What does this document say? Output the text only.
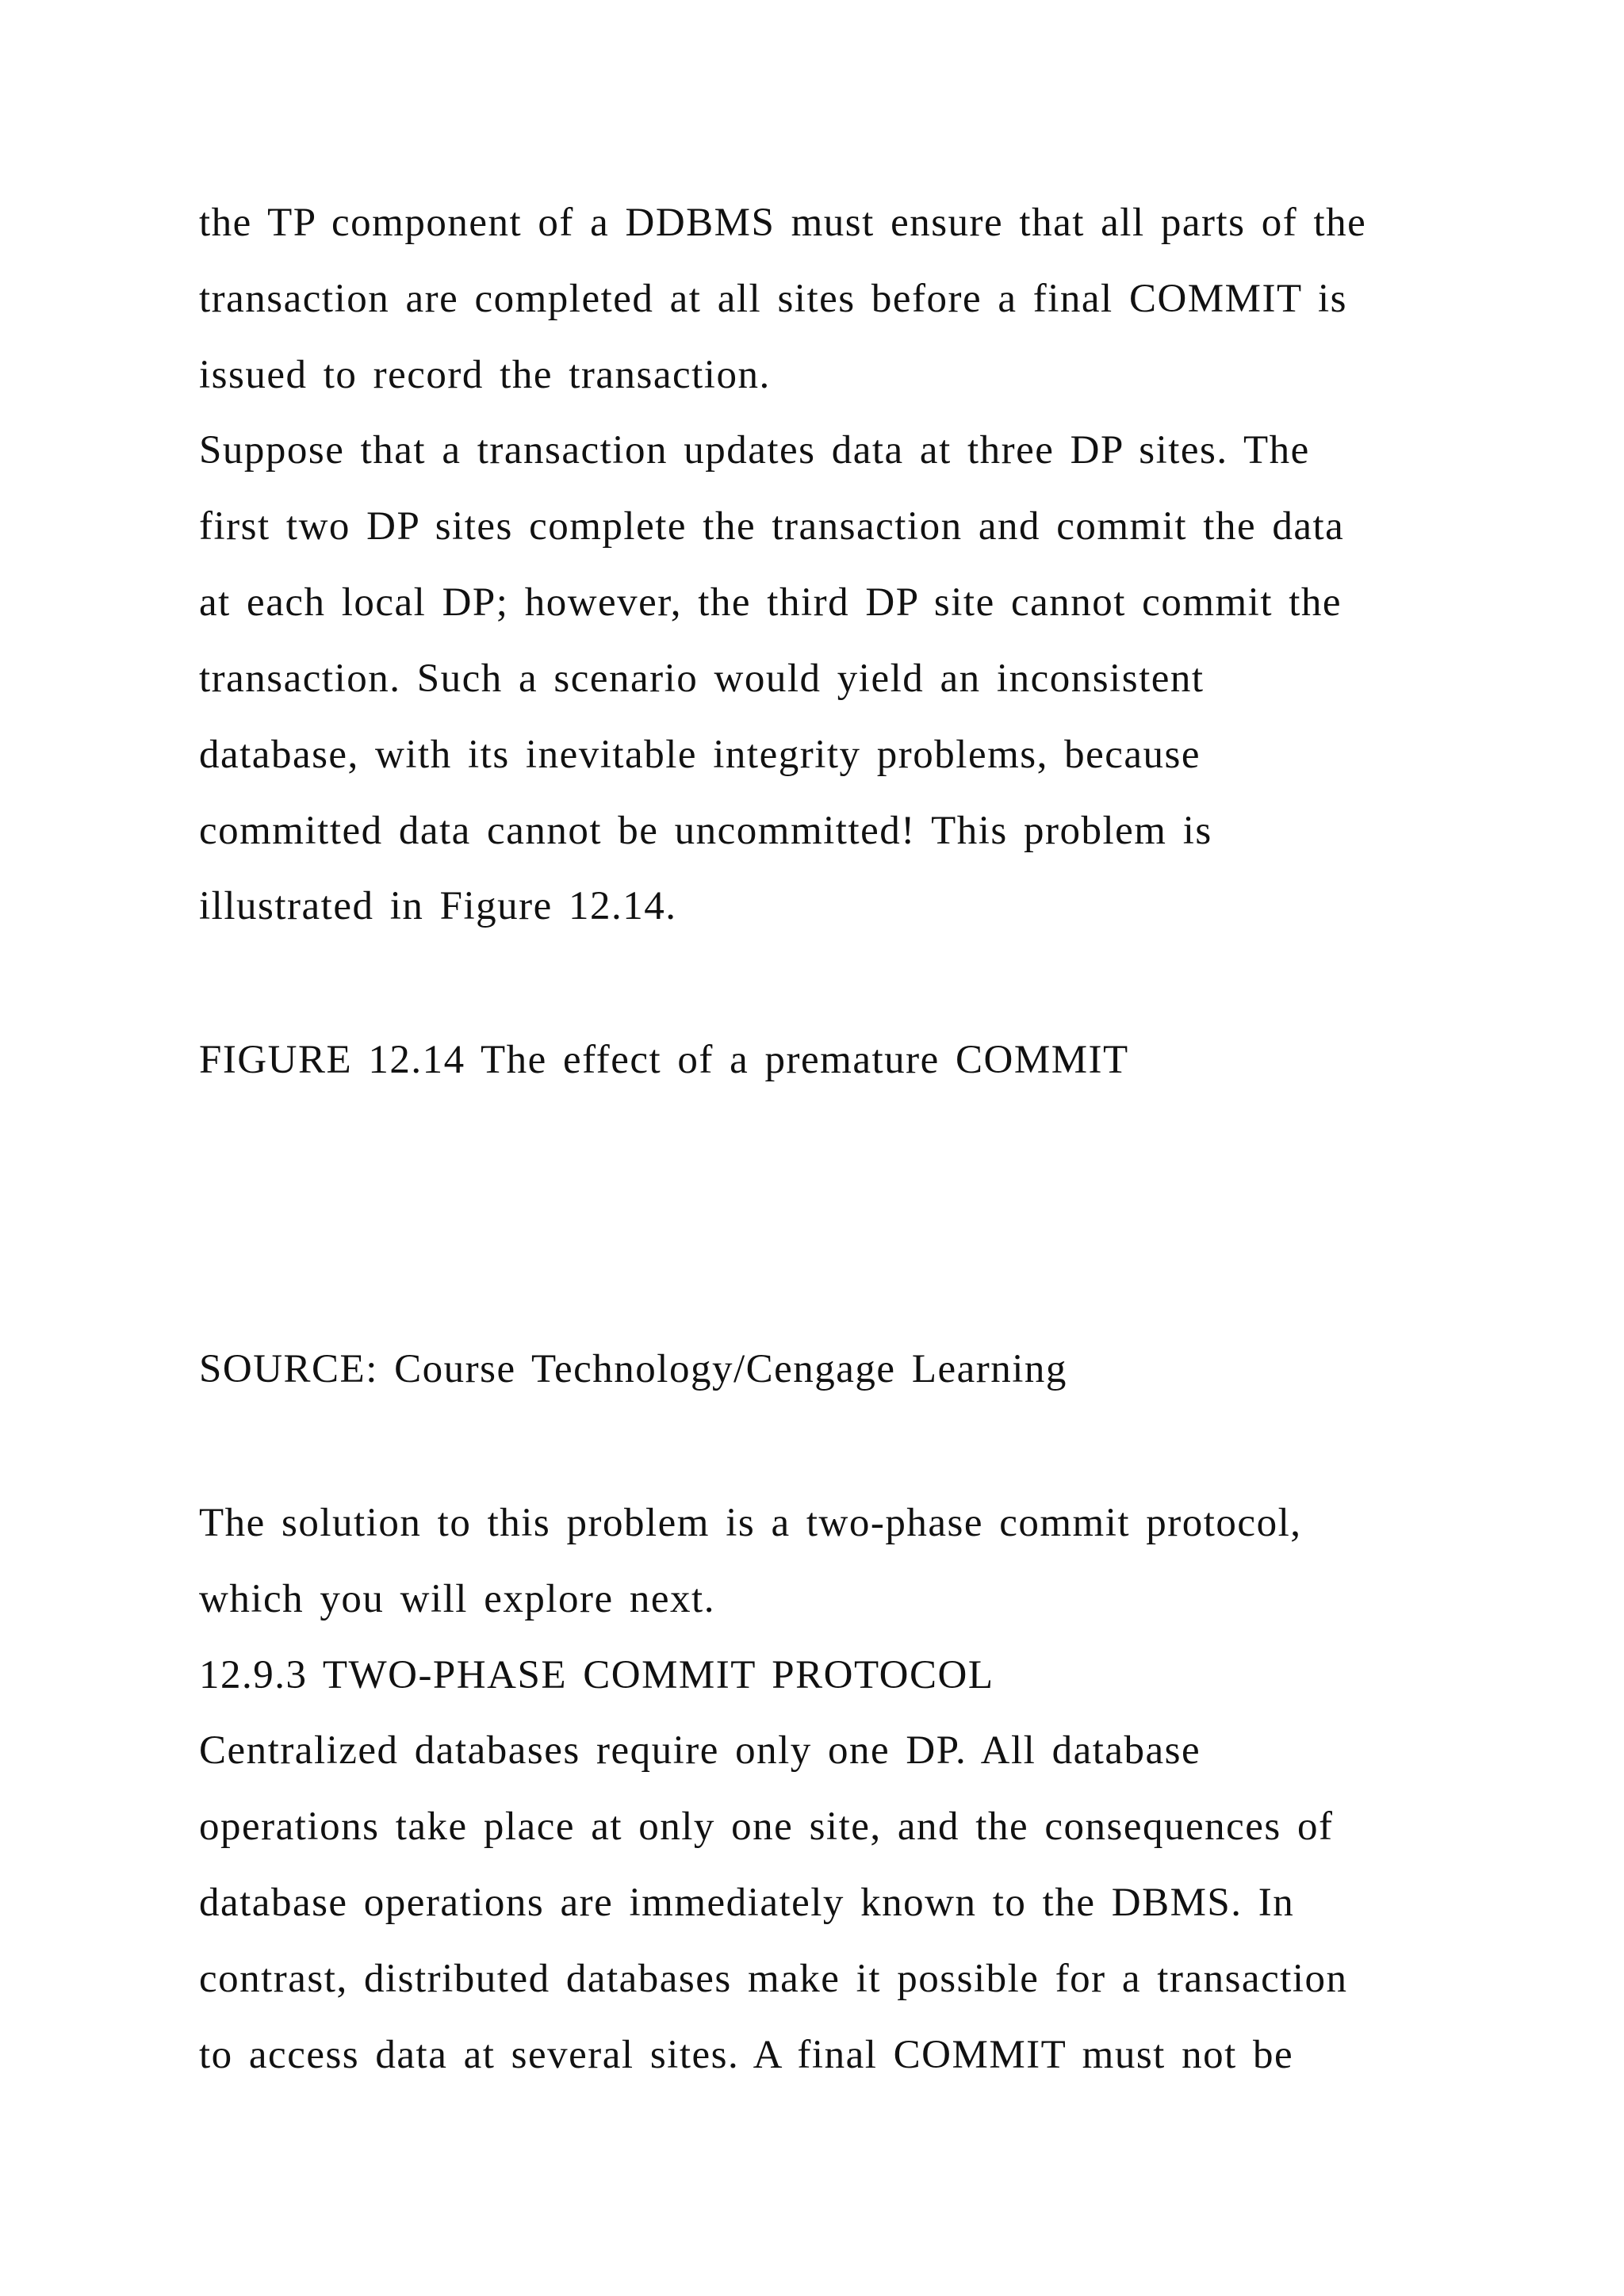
the TP component of a DDBMS must ensure that all parts of the

transaction are completed at all sites before a final COMMIT is

issued to record the transaction.

Suppose that a transaction updates data at three DP sites. The

first two DP sites complete the transaction and commit the data

at each local DP; however, the third DP site cannot commit the

transaction. Such a scenario would yield an inconsistent

database, with its inevitable integrity problems, because

committed data cannot be uncommitted! This problem is

illustrated in Figure 12.14.

FIGURE 12.14 The effect of a premature COMMIT

SOURCE: Course Technology/Cengage Learning

The solution to this problem is a two-phase commit protocol,

which you will explore next.

12.9.3 TWO-PHASE COMMIT PROTOCOL

Centralized databases require only one DP. All database

operations take place at only one site, and the consequences of

database operations are immediately known to the DBMS. In

contrast, distributed databases make it possible for a transaction

to access data at several sites. A final COMMIT must not be
